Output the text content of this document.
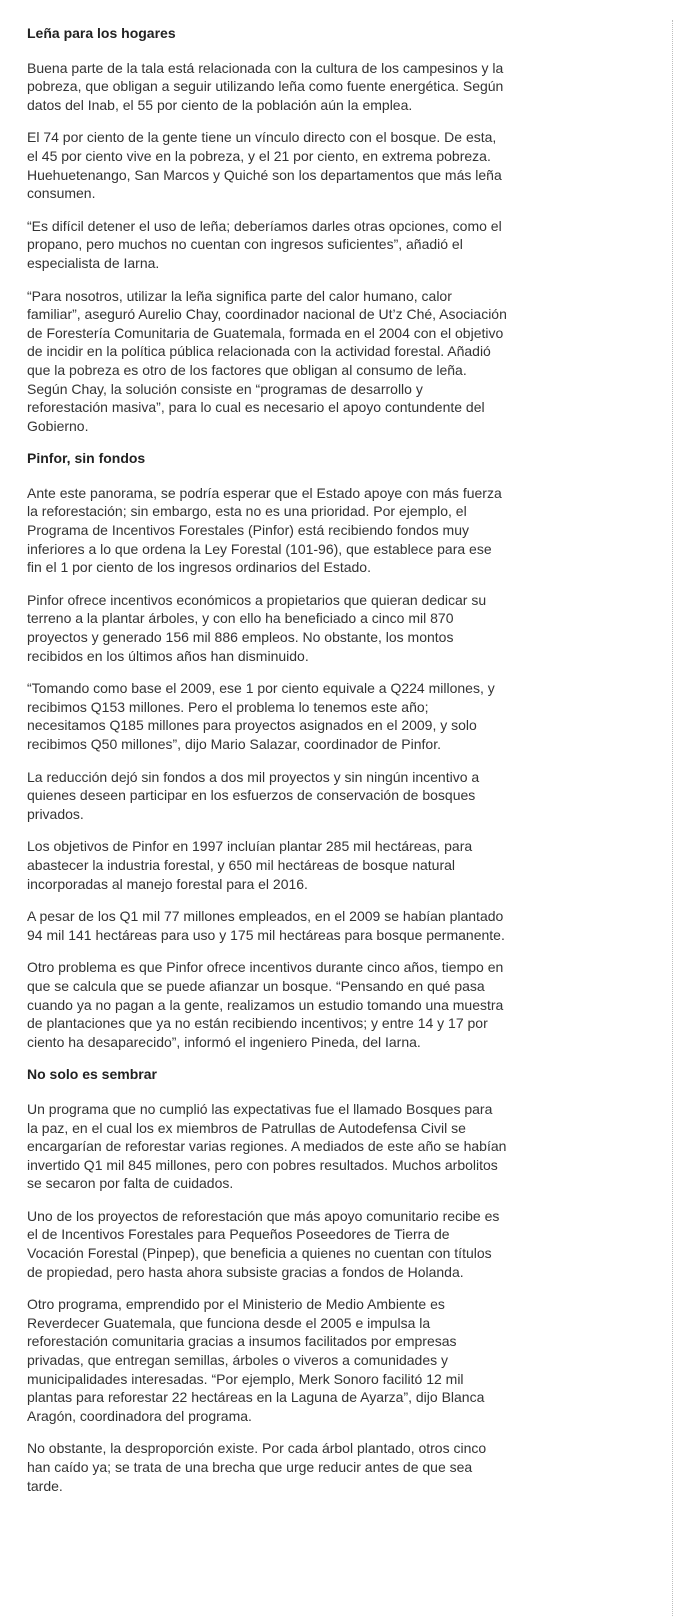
Leña para los hogares

Buena parte de la tala está relacionada con la cultura de los campesinos y la pobreza, que obligan a seguir utilizando leña como fuente energética. Según datos del Inab, el 55 por ciento de la población aún la emplea.

El 74 por ciento de la gente tiene un vínculo directo con el bosque. De esta, el 45 por ciento vive en la pobreza, y el 21 por ciento, en extrema pobreza. Huehuetenango, San Marcos y Quiché son los departamentos que más leña consumen.

“Es difícil detener el uso de leña; deberíamos darles otras opciones, como el propano, pero muchos no cuentan con ingresos suficientes”, añadió el especialista de Iarna.

“Para nosotros, utilizar la leña significa parte del calor humano, calor familiar”, aseguró Aurelio Chay, coordinador nacional de Ut’z Ché, Asociación de Forestería Comunitaria de Guatemala, formada en el 2004 con el objetivo de incidir en la política pública relacionada con la actividad forestal. Añadió que la pobreza es otro de los factores que obligan al consumo de leña. Según Chay, la solución consiste en “programas de desarrollo y reforestación masiva”, para lo cual es necesario el apoyo contundente del Gobierno.

Pinfor, sin fondos

Ante este panorama, se podría esperar que el Estado apoye con más fuerza la reforestación; sin embargo, esta no es una prioridad. Por ejemplo, el Programa de Incentivos Forestales (Pinfor) está recibiendo fondos muy inferiores a lo que ordena la Ley Forestal (101-96), que establece para ese fin el 1 por ciento de los ingresos ordinarios del Estado.

Pinfor ofrece incentivos económicos a propietarios que quieran dedicar su terreno a la plantar árboles, y con ello ha beneficiado a cinco mil 870 proyectos y generado 156 mil 886 empleos. No obstante, los montos recibidos en los últimos años han disminuido.

“Tomando como base el 2009, ese 1 por ciento equivale a Q224 millones, y recibimos Q153 millones. Pero el problema lo tenemos este año; necesitamos Q185 millones para proyectos asignados en el 2009, y solo recibimos Q50 millones”, dijo Mario Salazar, coordinador de Pinfor.

La reducción dejó sin fondos a dos mil proyectos y sin ningún incentivo a quienes deseen participar en los esfuerzos de conservación de bosques privados.

Los objetivos de Pinfor en 1997 incluían plantar 285 mil hectáreas, para abastecer la industria forestal, y 650 mil hectáreas de bosque natural incorporadas al manejo forestal para el 2016.

A pesar de los Q1 mil 77 millones empleados, en el 2009 se habían plantado 94 mil 141 hectáreas para uso y 175 mil hectáreas para bosque permanente.

Otro problema es que Pinfor ofrece incentivos durante cinco años, tiempo en que se calcula que se puede afianzar un bosque. “Pensando en qué pasa cuando ya no pagan a la gente, realizamos un estudio tomando una muestra de plantaciones que ya no están recibiendo incentivos; y entre 14 y 17 por ciento ha desaparecido”, informó el ingeniero Pineda, del Iarna.

No solo es sembrar

Un programa que no cumplió las expectativas fue el llamado Bosques para la paz, en el cual los ex miembros de Patrullas de Autodefensa Civil se encargarían de reforestar varias regiones. A mediados de este año se habían invertido Q1 mil 845 millones, pero con pobres resultados. Muchos arbolitos se secaron por falta de cuidados.

Uno de los proyectos de reforestación que más apoyo comunitario recibe es el de Incentivos Forestales para Pequeños Poseedores de Tierra de Vocación Forestal (Pinpep), que beneficia a quienes no cuentan con títulos de propiedad, pero hasta ahora subsiste gracias a fondos de Holanda.

Otro programa, emprendido por el Ministerio de Medio Ambiente es Reverdecer Guatemala, que funciona desde el 2005 e impulsa la reforestación comunitaria gracias a insumos facilitados por empresas privadas, que entregan semillas, árboles o viveros a comunidades y municipalidades interesadas. “Por ejemplo, Merk Sonoro facilitó 12 mil plantas para reforestar 22 hectáreas en la Laguna de Ayarza”, dijo Blanca Aragón, coordinadora del programa.

No obstante, la desproporción existe. Por cada árbol plantado, otros cinco han caído ya; se trata de una brecha que urge reducir antes de que sea tarde.
